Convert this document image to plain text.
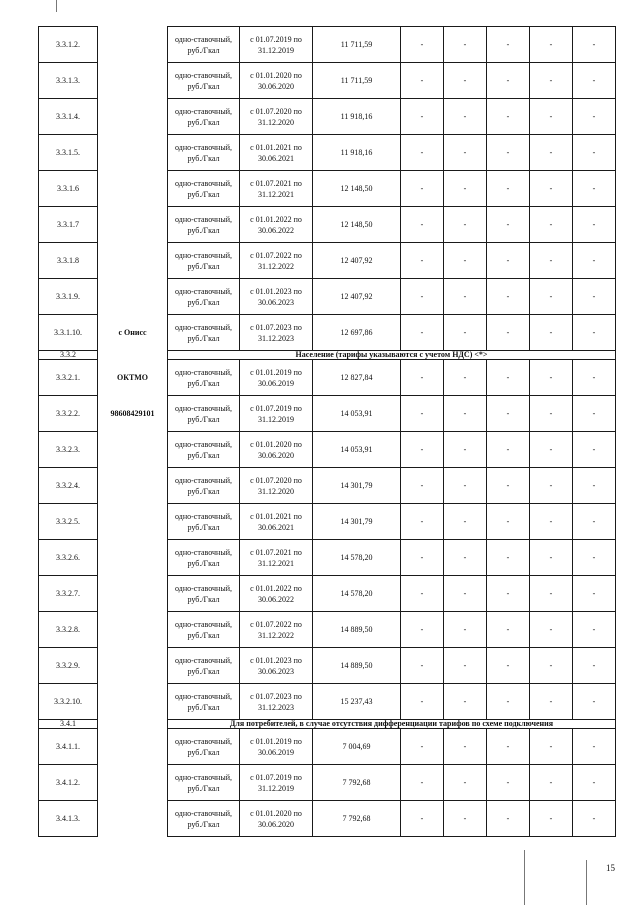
3.3.1.2.		одно-ставочный, руб./Гкал	с 01.07.2019 по 31.12.2019	11 711,59	-	-	-	-	-
3.3.1.3.		одно-ставочный, руб./Гкал	с 01.01.2020 по 30.06.2020	11 711,59	-	-	-	-	-
3.3.1.4.		одно-ставочный, руб./Гкал	с 01.07.2020 по 31.12.2020	11 918,16	-	-	-	-	-
3.3.1.5.		одно-ставочный, руб./Гкал	с 01.01.2021 по 30.06.2021	11 918,16	-	-	-	-	-
3.3.1.6		одно-ставочный, руб./Гкал	с 01.07.2021 по 31.12.2021	12 148,50	-	-	-	-	-
3.3.1.7		одно-ставочный, руб./Гкал	с 01.01.2022 по 30.06.2022	12 148,50	-	-	-	-	-
3.3.1.8		одно-ставочный, руб./Гкал	с 01.07.2022 по 31.12.2022	12 407,92	-	-	-	-	-
3.3.1.9.		одно-ставочный, руб./Гкал	с 01.01.2023 по 30.06.2023	12 407,92	-	-	-	-	-
3.3.1.10.	с Онисс	одно-ставочный, руб./Гкал	с 01.07.2023 по 31.12.2023	12 697,86	-	-	-	-	-
3.3.2		Население (тарифы указываются с учетом НДС) <*>							
3.3.2.1.	ОКТМО	одно-ставочный, руб./Гкал	с 01.01.2019 по 30.06.2019	12 827,84	-	-	-	-	-
3.3.2.2.	98608429101	одно-ставочный, руб./Гкал	с 01.07.2019 по 31.12.2019	14 053,91	-	-	-	-	-
3.3.2.3.		одно-ставочный, руб./Гкал	с 01.01.2020 по 30.06.2020	14 053,91	-	-	-	-	-
3.3.2.4.		одно-ставочный, руб./Гкал	с 01.07.2020 по 31.12.2020	14 301,79	-	-	-	-	-
3.3.2.5.		одно-ставочный, руб./Гкал	с 01.01.2021 по 30.06.2021	14 301,79	-	-	-	-	-
3.3.2.6.		одно-ставочный, руб./Гкал	с 01.07.2021 по 31.12.2021	14 578,20	-	-	-	-	-
3.3.2.7.		одно-ставочный, руб./Гкал	с 01.01.2022 по 30.06.2022	14 578,20	-	-	-	-	-
3.3.2.8.		одно-ставочный, руб./Гкал	с 01.07.2022 по 31.12.2022	14 889,50	-	-	-	-	-
3.3.2.9.		одно-ставочный, руб./Гкал	с 01.01.2023 по 30.06.2023	14 889,50	-	-	-	-	-
3.3.2.10.		одно-ставочный, руб./Гкал	с 01.07.2023 по 31.12.2023	15 237,43	-	-	-	-	-
3.4.1		Для потребителей, в случае отсутствия дифференциации тарифов по схеме подключения							
3.4.1.1.		одно-ставочный, руб./Гкал	с 01.01.2019 по 30.06.2019	7 004,69	-	-	-	-	-
3.4.1.2.		одно-ставочный, руб./Гкал	с 01.07.2019 по 31.12.2019	7 792,68	-	-	-	-	-
3.4.1.3.		одно-ставочный, руб./Гкал	с 01.01.2020 по 30.06.2020	7 792,68	-	-	-	-	-
15
